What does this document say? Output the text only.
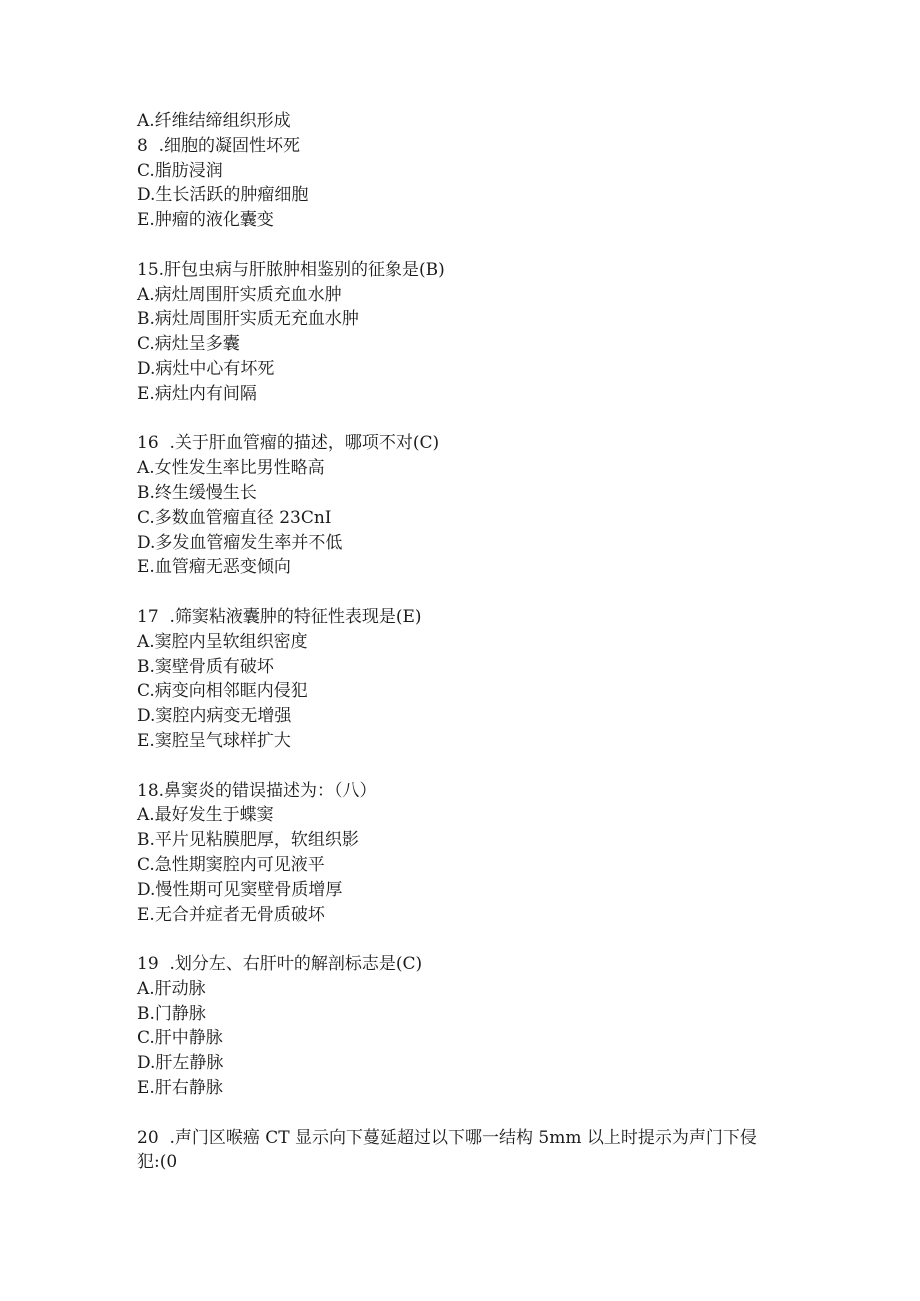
A.纤维结缔组织形成
8  .细胞的凝固性坏死
C.脂肪浸润
D.生长活跃的肿瘤细胞
E.肿瘤的液化囊变
15.肝包虫病与肝脓肿相鉴别的征象是(B)
A.病灶周围肝实质充血水肿
B.病灶周围肝实质无充血水肿
C.病灶呈多囊
D.病灶中心有坏死
E.病灶内有间隔
16  .关于肝血管瘤的描述，哪项不对(C)
A.女性发生率比男性略高
B.终生缓慢生长
C.多数血管瘤直径 23CnI
D.多发血管瘤发生率并不低
E.血管瘤无恶变倾向
17  .筛窦粘液囊肿的特征性表现是(E)
A.窦腔内呈软组织密度
B.窦壁骨质有破坏
C.病变向相邻眶内侵犯
D.窦腔内病变无增强
E.窦腔呈气球样扩大
18.鼻窦炎的错误描述为：（八）
A.最好发生于蝶窦
B.平片见粘膜肥厚，软组织影
C.急性期窦腔内可见液平
D.慢性期可见窦壁骨质增厚
E.无合并症者无骨质破坏
19  .划分左、右肝叶的解剖标志是(C)
A.肝动脉
B.门静脉
C.肝中静脉
D.肝左静脉
E.肝右静脉
20  .声门区喉癌 CT 显示向下蔓延超过以下哪一结构 5mm 以上时提示为声门下侵
犯:(0
